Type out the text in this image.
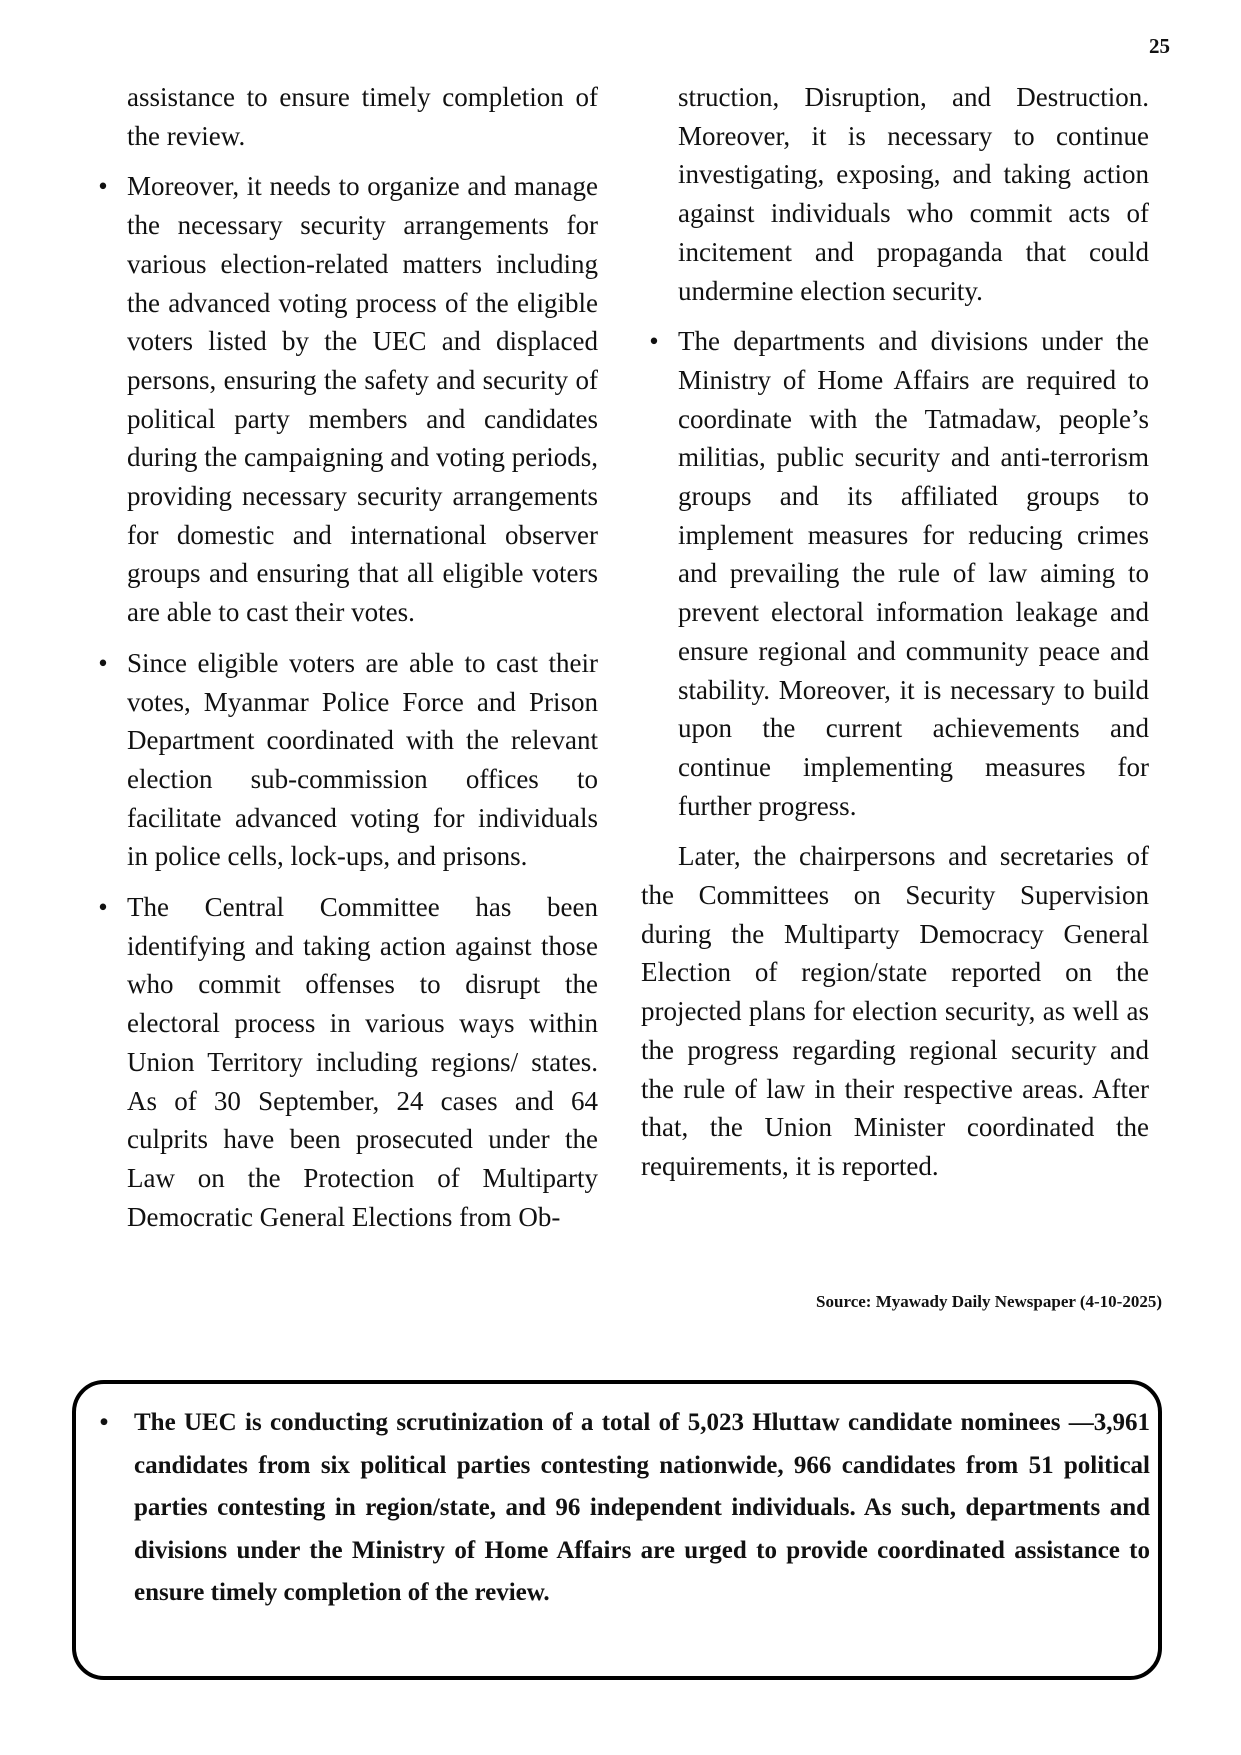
25

assistance to ensure timely completion of the review.

• Moreover, it needs to organize and manage the necessary security arrangements for various election-related matters including the advanced voting process of the eligible voters listed by the UEC and displaced persons, ensuring the safety and security of political party members and candidates during the campaigning and voting periods, providing necessary security arrangements for domestic and international observer groups and ensuring that all eligible voters are able to cast their votes.
• Since eligible voters are able to cast their votes, Myanmar Police Force and Prison Department coordinated with the relevant election sub-commission offices to facilitate advanced voting for individuals in police cells, lock-ups, and prisons.
• The Central Committee has been identifying and taking action against those who commit offenses to disrupt the electoral process in various ways within Union Territory including regions/ states. As of 30 September, 24 cases and 64 culprits have been prosecuted under the Law on the Protection of Multiparty Democratic General Elections from Ob-

struction, Disruption, and Destruction. Moreover, it is necessary to continue investigating, exposing, and taking action against individuals who commit acts of incitement and propaganda that could undermine election security.

• The departments and divisions under the Ministry of Home Affairs are required to coordinate with the Tatmadaw, people’s militias, public security and anti-terrorism groups and its affiliated groups to implement measures for reducing crimes and prevailing the rule of law aiming to prevent electoral information leakage and ensure regional and community peace and stability. Moreover, it is necessary to build upon the current achievements and continue implementing measures for further progress.

Later, the chairpersons and secretaries of the Committees on Security Supervision during the Multiparty Democracy General Election of region/state reported on the projected plans for election security, as well as the progress regarding regional security and the rule of law in their respective areas. After that, the Union Minister coordinated the requirements, it is reported.

Source: Myawady Daily Newspaper (4-10-2025)
• The UEC is conducting scrutinization of a total of 5,023 Hluttaw candidate nominees —3,961 candidates from six political parties contesting nationwide, 966 candidates from 51 political parties contesting in region/state, and 96 independent individuals. As such, departments and divisions under the Ministry of Home Affairs are urged to provide coordinated assistance to ensure timely completion of the review.
